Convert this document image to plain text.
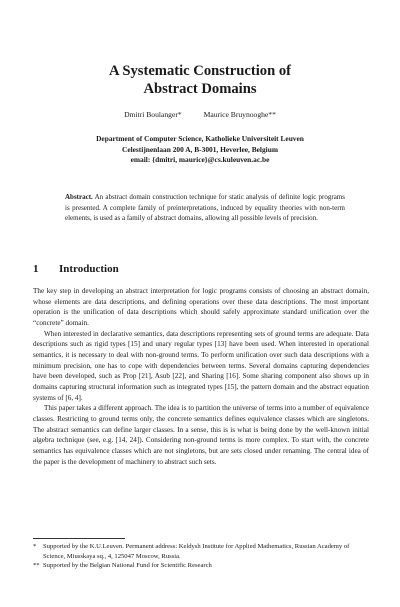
A Systematic Construction of
Abstract Domains
Dmitri Boulanger*	Maurice Bruynooghe**
Department of Computer Science, Katholieke Universiteit Leuven
Celestijnenlaan 200 A, B-3001, Heverlee, Belgium
email: {dmitri, maurice}@cs.kuleuven.ac.be
Abstract. An abstract domain construction technique for static analysis of definite logic programs is presented. A complete family of preinterpretations, induced by equality theories with non-term elements, is used as a family of abstract domains, allowing all possible levels of precision.
1 Introduction

The key step in developing an abstract interpretation for logic programs consists of choosing an abstract domain, whose elements are data descriptions, and defining operations over these data descriptions. The most important operation is the unification of data descriptions which should safely approximate standard unification over the “concrete” domain.

When interested in declarative semantics, data descriptions representing sets of ground terms are adequate. Data descriptions such as rigid types [15] and unary regular types [13] have been used. When interested in operational semantics, it is necessary to deal with non-ground terms. To perform unification over such data descriptions with a minimum precision, one has to cope with dependencies between terms. Several domains capturing dependencies have been developed, such as Prop [21], Asub [22], and Sharing [16]. Some sharing component also shows up in domains capturing structural information such as integrated types [15], the pattern domain and the abstract equation systems of [6, 4].

This paper takes a different approach. The idea is to partition the universe of terms into a number of equivalence classes. Restricting to ground terms only, the concrete semantics defines equivalence classes which are singletons. The abstract semantics can define larger classes. In a sense, this is is what is being done by the well-known initial algebra technique (see, e.g. [14, 24]). Considering non-ground terms is more complex. To start with, the concrete semantics has equivalence classes which are not singletons, but are sets closed under renaming. The central idea of the paper is the development of machinery to abstract such sets.

*	Supported by the K.U.Leuven. Permanent address: Keldysh Institute for Applied Mathematics, Russian Academy of Science, Miusskaya sq., 4, 125047 Moscow, Russia.
** Supported by the Belgian National Fund for Scientific Research
